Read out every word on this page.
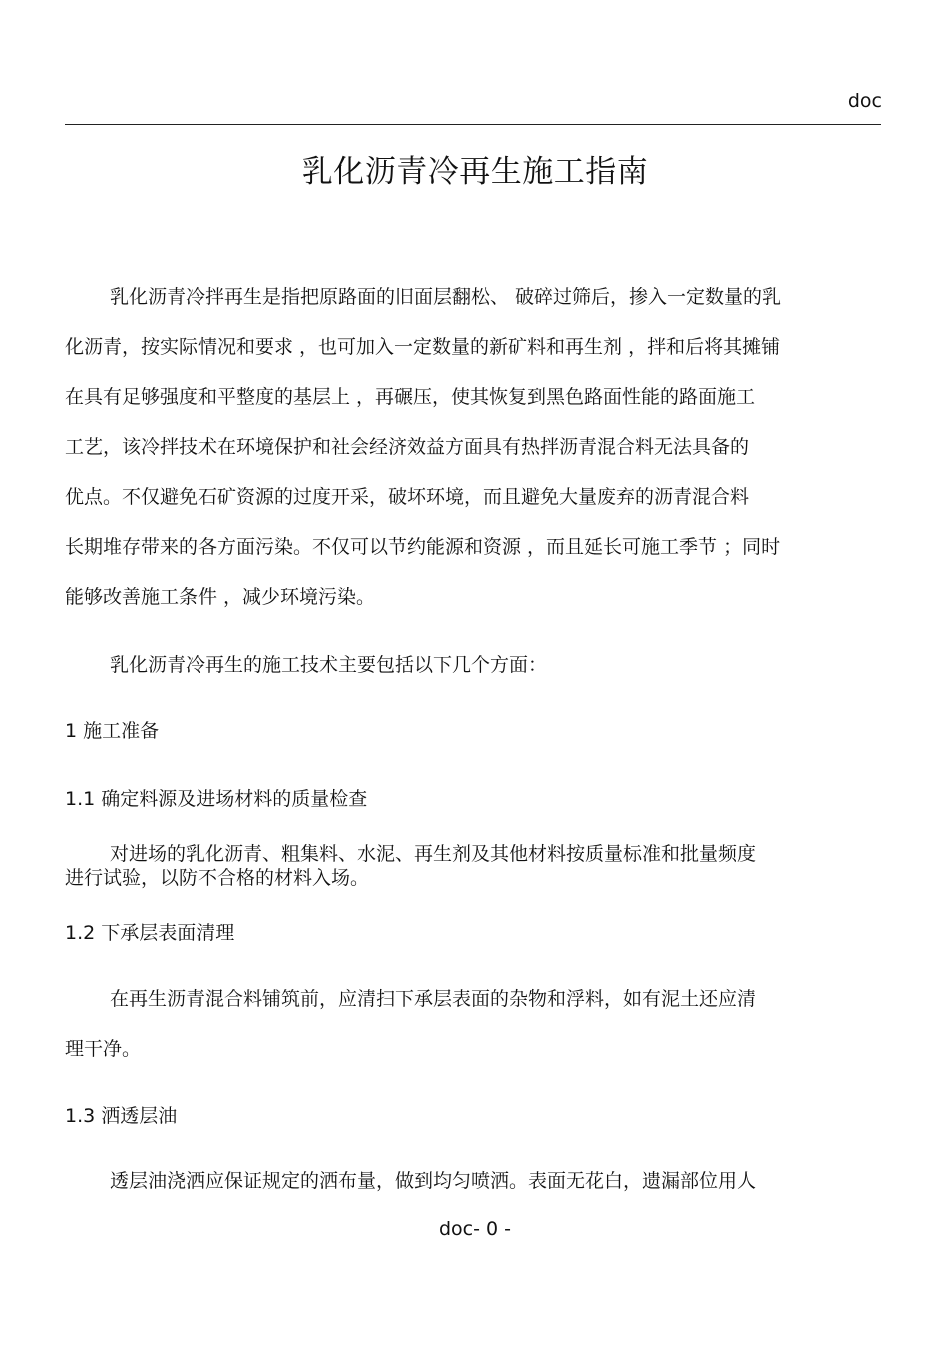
doc
乳化沥青冷再生施工指南
乳化沥青冷拌再生是指把原路面的旧面层翻松、 破碎过筛后，掺入一定数量的乳
化沥青，按实际情况和要求 ，也可加入一定数量的新矿料和再生剂 ，拌和后将其摊铺
在具有足够强度和平整度的基层上 ，再碾压，使其恢复到黑色路面性能的路面施工
工艺，该冷拌技术在环境保护和社会经济效益方面具有热拌沥青混合料无法具备的
优点。不仅避免石矿资源的过度开采，破坏环境，而且避免大量废弃的沥青混合料
长期堆存带来的各方面污染。不仅可以节约能源和资源 ，而且延长可施工季节 ；同时
能够改善施工条件 ，减少环境污染。
乳化沥青冷再生的施工技术主要包括以下几个方面：
1 施工准备
1.1 确定料源及进场材料的质量检查
对进场的乳化沥青、粗集料、水泥、再生剂及其他材料按质量标准和批量频度
进行试验，以防不合格的材料入场。
1.2 下承层表面清理
在再生沥青混合料铺筑前，应清扫下承层表面的杂物和浮料，如有泥土还应清
理干净。
1.3 洒透层油
透层油浇洒应保证规定的洒布量，做到均匀喷洒。表面无花白，遗漏部位用人
doc- 0 -
